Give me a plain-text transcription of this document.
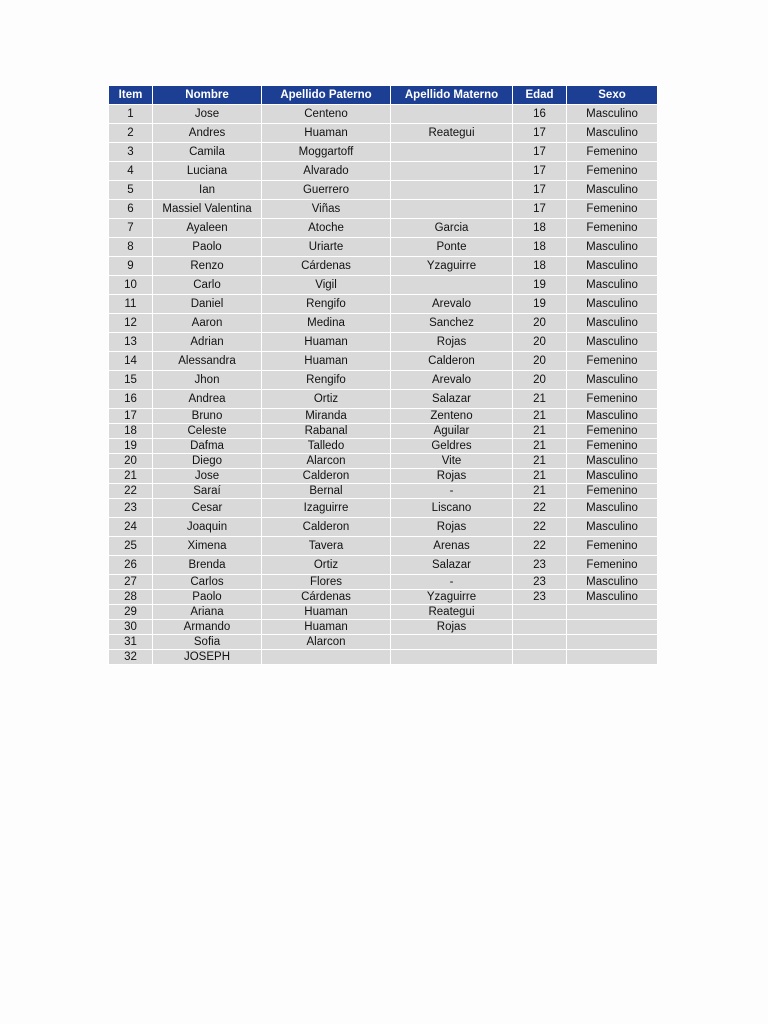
Item	Nombre	Apellido Paterno	Apellido Materno	Edad	Sexo
1	Jose	Centeno		16	Masculino
2	Andres	Huaman	Reategui	17	Masculino
3	Camila	Moggartoff		17	Femenino
4	Luciana	Alvarado		17	Femenino
5	Ian	Guerrero		17	Masculino
6	Massiel Valentina	Viñas		17	Femenino
7	Ayaleen	Atoche	Garcia	18	Femenino
8	Paolo	Uriarte	Ponte	18	Masculino
9	Renzo	Cárdenas	Yzaguirre	18	Masculino
10	Carlo	Vigil		19	Masculino
11	Daniel	Rengifo	Arevalo	19	Masculino
12	Aaron	Medina	Sanchez	20	Masculino
13	Adrian	Huaman	Rojas	20	Masculino
14	Alessandra	Huaman	Calderon	20	Femenino
15	Jhon	Rengifo	Arevalo	20	Masculino
16	Andrea	Ortiz	Salazar	21	Femenino
17	Bruno	Miranda	Zenteno	21	Masculino
18	Celeste	Rabanal	Aguilar	21	Femenino
19	Dafma	Talledo	Geldres	21	Femenino
20	Diego	Alarcon	Vite	21	Masculino
21	Jose	Calderon	Rojas	21	Masculino
22	Saraí	Bernal	-	21	Femenino
23	Cesar	Izaguirre	Liscano	22	Masculino
24	Joaquin	Calderon	Rojas	22	Masculino
25	Ximena	Tavera	Arenas	22	Femenino
26	Brenda	Ortiz	Salazar	23	Femenino
27	Carlos	Flores	-	23	Masculino
28	Paolo	Cárdenas	Yzaguirre	23	Masculino
29	Ariana	Huaman	Reategui		
30	Armando	Huaman	Rojas		
31	Sofia	Alarcon			
32	JOSEPH				
